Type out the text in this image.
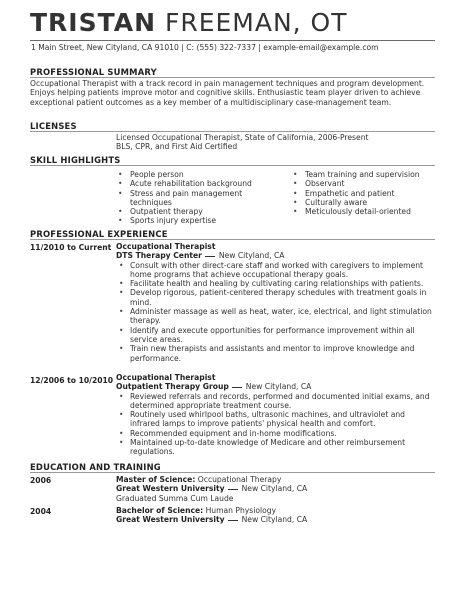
TRISTAN FREEMAN, OT
1 Main Street, New Cityland, CA 91010 | C: (555) 322-7337 | example-email@example.com
PROFESSIONAL SUMMARY
Occupational Therapist with a track record in pain management techniques and program development. Enjoys helping patients improve motor and cognitive skills. Enthusiastic team player driven to achieve exceptional patient outcomes as a key member of a multidisciplinary case-management team.
LICENSES
Licensed Occupational Therapist, State of California, 2006-Present
BLS, CPR, and First Aid Certified
SKILL HIGHLIGHTS
• People person
• Acute rehabilitation background
• Stress and pain management techniques
• Outpatient therapy
• Sports injury expertise
• Team training and supervision
• Observant
• Empathetic and patient
• Culturally aware
• Meticulously detail-oriented
PROFESSIONAL EXPERIENCE
11/2010 to Current Occupational Therapist
DTS Therapy Center New Cityland, CA
• Consult with other direct-care staff and worked with caregivers to implement home programs that achieve occupational therapy goals.
• Facilitate health and healing by cultivating caring relationships with patients.
• Develop rigorous, patient-centered therapy schedules with treatment goals in mind.
• Administer massage as well as heat, water, ice, electrical, and light stimulation therapy.
• Identify and execute opportunities for performance improvement within all service areas.
• Train new therapists and assistants and mentor to improve knowledge and performance.
12/2006 to 10/2010 Occupational Therapist
Outpatient Therapy Group New Cityland, CA
• Reviewed referrals and records, performed and documented initial exams, and determined appropriate treatment course.
• Routinely used whirlpool baths, ultrasonic machines, and ultraviolet and infrared lamps to improve patients' physical health and comfort.
• Recommended equipment and in-home modifications.
• Maintained up-to-date knowledge of Medicare and other reimbursement regulations.
EDUCATION AND TRAINING
2006	Master of Science: Occupational Therapy
Great Western University New Cityland, CA
Graduated Summa Cum Laude
2004	Bachelor of Science: Human Physiology
Great Western University New Cityland, CA
